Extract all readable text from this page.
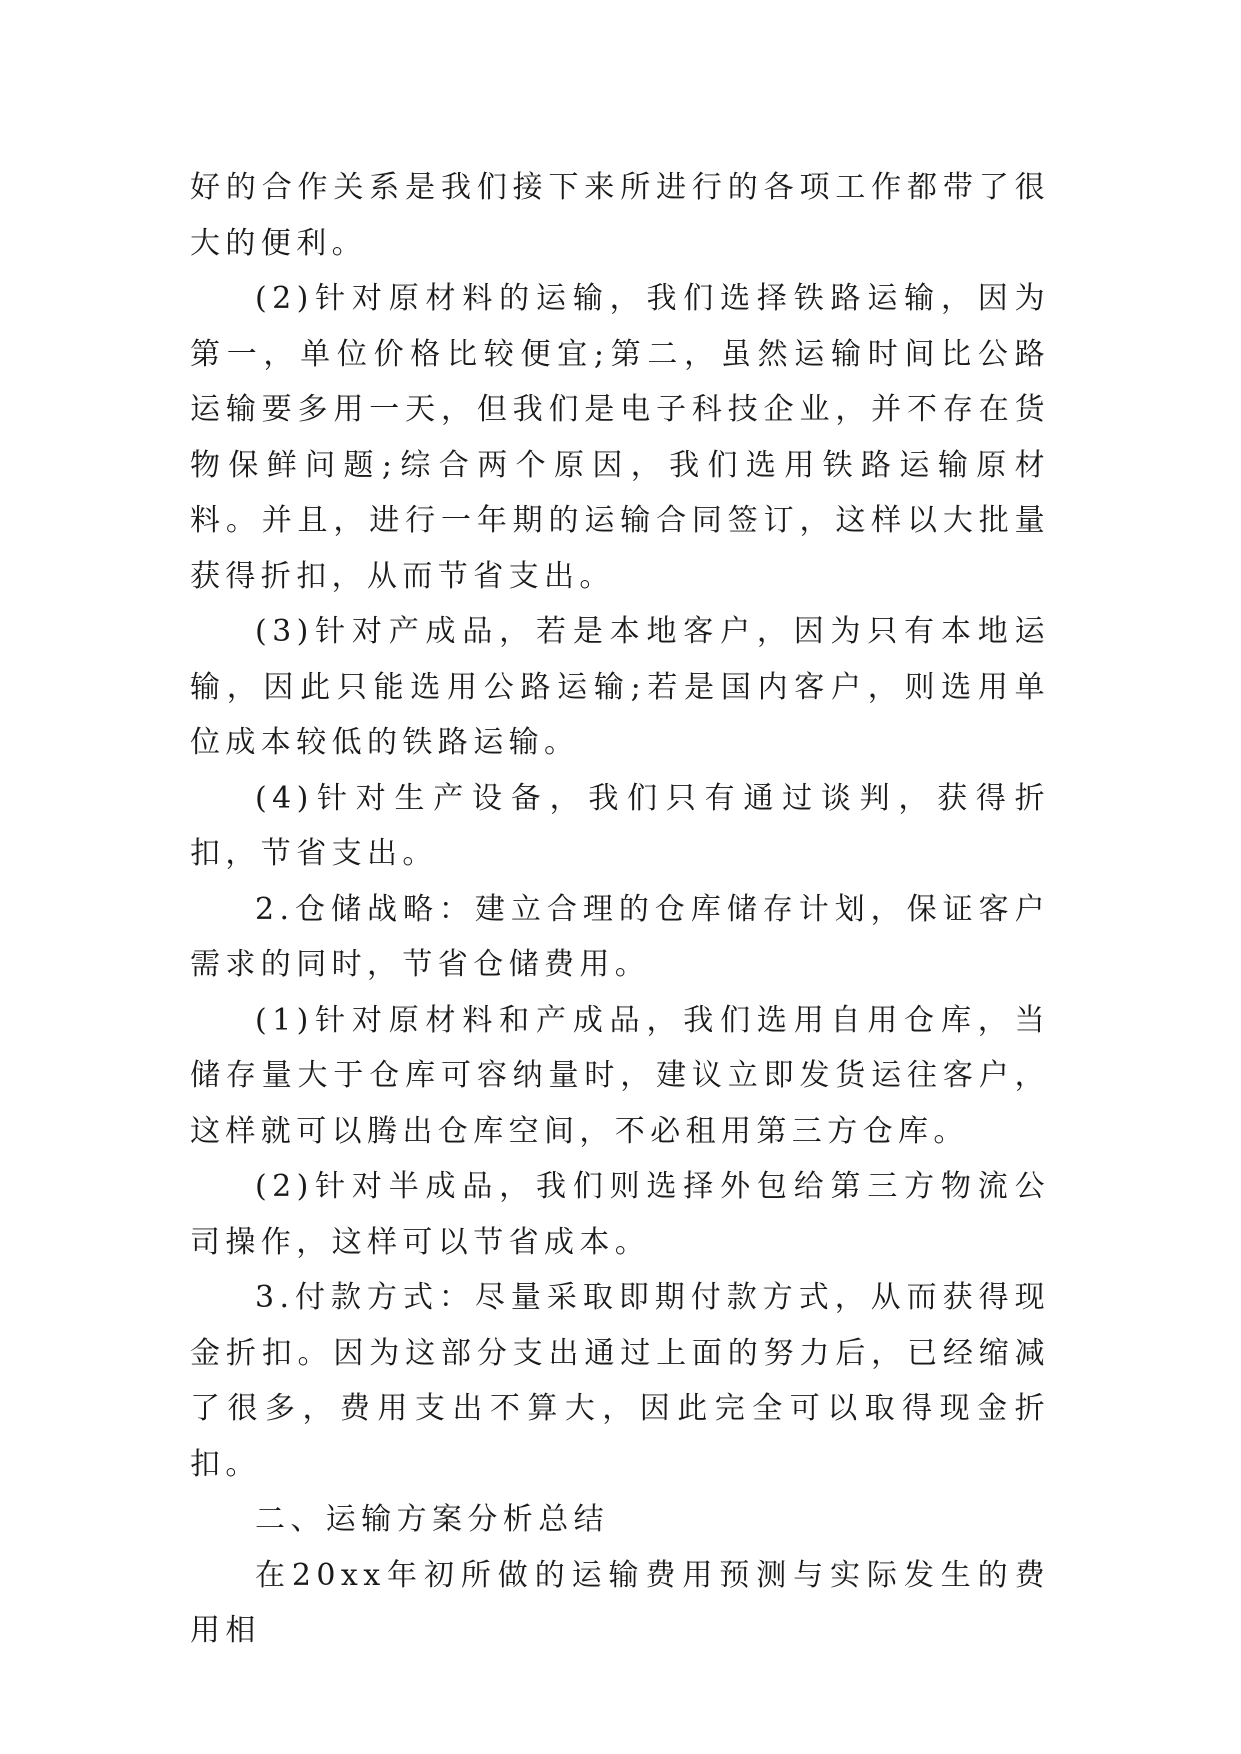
好的合作关系是我们接下来所进行的各项工作都带了很大的便利。

(2)针对原材料的运输，我们选择铁路运输，因为第一，单位价格比较便宜;第二，虽然运输时间比公路运输要多用一天，但我们是电子科技企业，并不存在货物保鲜问题;综合两个原因，我们选用铁路运输原材料。并且，进行一年期的运输合同签订，这样以大批量获得折扣，从而节省支出。

(3)针对产成品，若是本地客户，因为只有本地运输，因此只能选用公路运输;若是国内客户，则选用单位成本较低的铁路运输。

(4)针对生产设备，我们只有通过谈判，获得折扣，节省支出。

2.仓储战略：建立合理的仓库储存计划，保证客户需求的同时，节省仓储费用。

(1)针对原材料和产成品，我们选用自用仓库，当储存量大于仓库可容纳量时，建议立即发货运往客户，这样就可以腾出仓库空间，不必租用第三方仓库。

(2)针对半成品，我们则选择外包给第三方物流公司操作，这样可以节省成本。

3.付款方式：尽量采取即期付款方式，从而获得现金折扣。因为这部分支出通过上面的努力后，已经缩减了很多，费用支出不算大，因此完全可以取得现金折扣。

二、运输方案分析总结

在20xx年初所做的运输费用预测与实际发生的费用相
